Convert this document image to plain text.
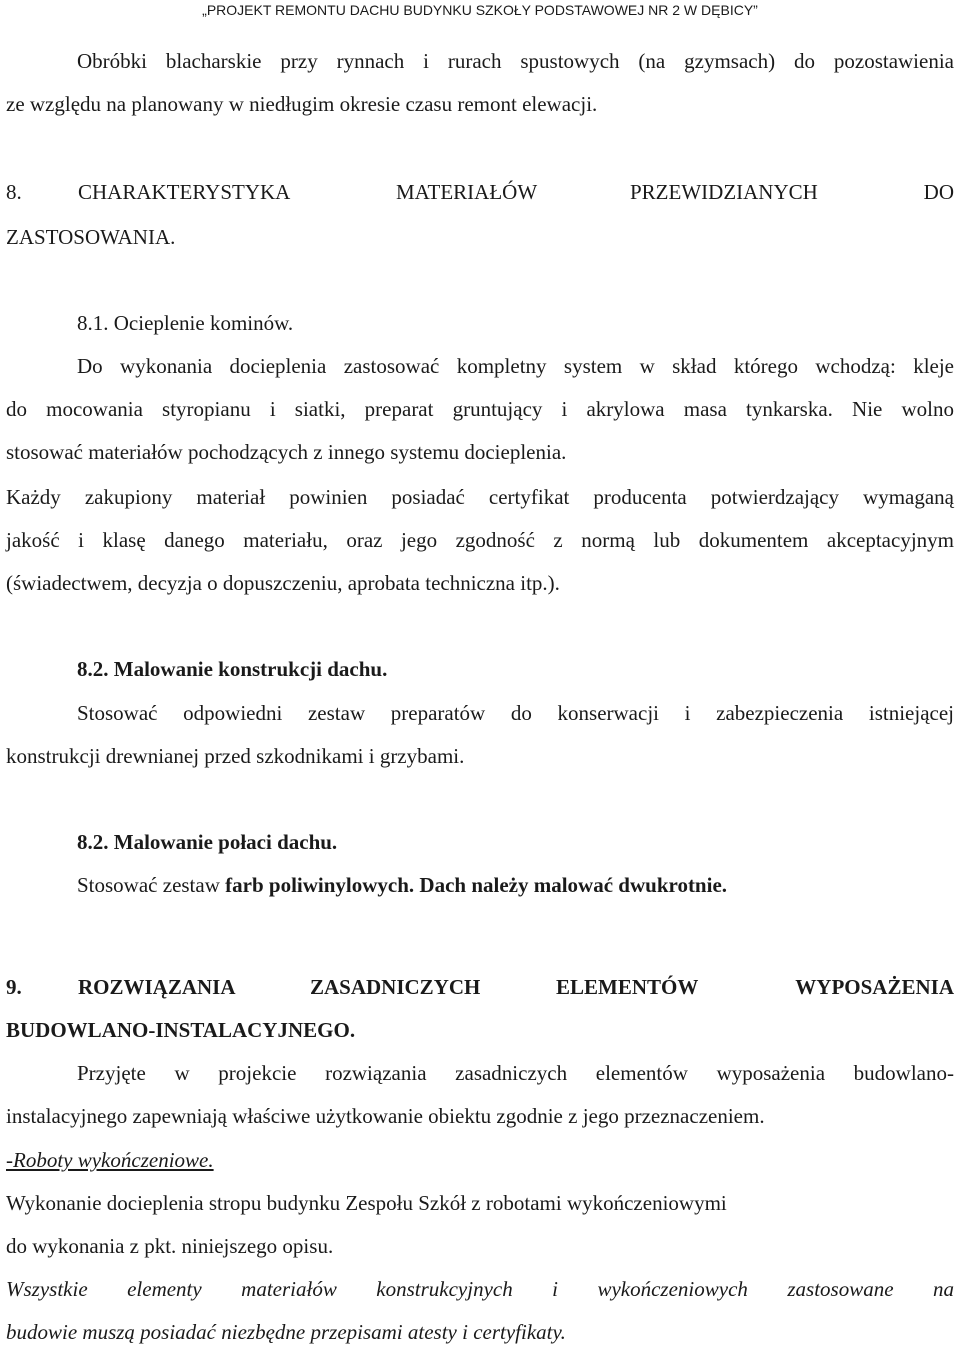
„PROJEKT REMONTU DACHU BUDYNKU SZKOŁY PODSTAWOWEJ NR 2 W DĘBICY”
Obróbki blacharskie przy rynnach i rurach spustowych (na gzymsach) do pozostawienia
ze względu na planowany w niedługim okresie czasu remont elewacji.
8.	CHARAKTERYSTYKA	MATERIAŁÓW	PRZEWIDZIANYCH	DO
ZASTOSOWANIA.
8.1. Ocieplenie kominów.
Do wykonania docieplenia zastosować kompletny system w skład którego wchodzą: kleje
do mocowania styropianu i siatki, preparat gruntujący i akrylowa masa tynkarska. Nie wolno
stosować materiałów pochodzących z innego systemu docieplenia.
Każdy zakupiony materiał powinien posiadać certyfikat producenta potwierdzający wymaganą
jakość i klasę danego materiału, oraz jego zgodność z normą lub dokumentem akceptacyjnym
(świadectwem, decyzja o dopuszczeniu, aprobata techniczna itp.).
8.2. Malowanie konstrukcji dachu.
Stosować odpowiedni zestaw preparatów do konserwacji i zabezpieczenia istniejącej
konstrukcji drewnianej przed szkodnikami i grzybami.
8.2. Malowanie połaci dachu.
Stosować zestaw farb poliwinylowych. Dach należy malować dwukrotnie.
9.	ROZWIĄZANIA	ZASADNICZYCH	ELEMENTÓW	WYPOSAŻENIA
BUDOWLANO-INSTALACYJNEGO.
Przyjęte w projekcie rozwiązania zasadniczych elementów wyposażenia budowlano-
instalacyjnego zapewniają właściwe użytkowanie obiektu zgodnie z jego przeznaczeniem.
-Roboty wykończeniowe.
Wykonanie docieplenia stropu budynku Zespołu Szkół z robotami wykończeniowymi
do wykonania z pkt. niniejszego opisu.
Wszystkie elementy materiałów konstrukcyjnych i wykończeniowych zastosowane na
budowie muszą posiadać niezbędne przepisami atesty i certyfikaty.
